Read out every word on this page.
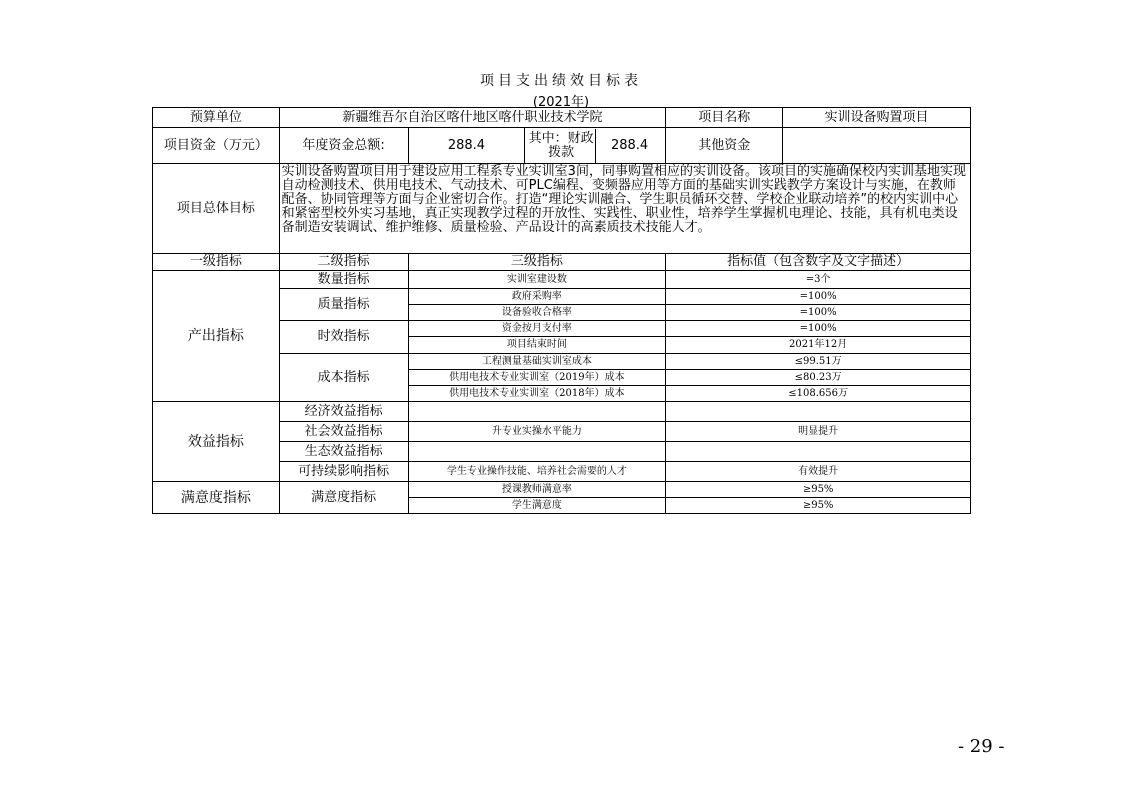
项目支出绩效目标表
(2021年)
预算单位	新疆维吾尔自治区喀什地区喀什职业技术学院			项目名称	实训设备购置项目
项目资金（万元）	年度资金总额:	288.4	其中：财政拨款 288.4	其他资金	
项目总体目标	实训设备购置项目用于建设应用工程系专业实训室3间，同事购置相应的实训设备。该项目的实施确保校内实训基地实现自动检测技术、供用电技术、气动技术、可PLC编程、变频器应用等方面的基础实训实践教学方案设计与实施，在教师配备、协同管理等方面与企业密切合作。打造“理论实训融合、学生职员循环交替、学校企业联动培养”的校内实训中心和紧密型校外实习基地，真正实现教学过程的开放性、实践性、职业性，培养学生掌握机电理论、技能，具有机电类设备制造安装调试、维护维修、质量检验、产品设计的高素质技术技能人才。				
一级指标	二级指标	三级指标		指标值（包含数字及文字描述）	
产出指标	数量指标	实训室建设数		=3个	
	质量指标	政府采购率		=100%	
		设备验收合格率		=100%	
	时效指标	资金按月支付率		=100%	
		项目结束时间		2021年12月	
	成本指标	工程测量基础实训室成本		≤99.51万	
		供用电技术专业实训室（2019年）成本		≤80.23万	
		供用电技术专业实训室（2018年）成本		≤108.656万	

效益指标	经济效益指标				
	社会效益指标	升专业实操水平能力		明显提升	
	生态效益指标				
	可持续影响指标	学生专业操作技能、培养社会需要的人才		有效提升	
满意度指标	满意度指标	授课教师满意率		≥95%	
		学生满意度		≥95%	
- 29 -
